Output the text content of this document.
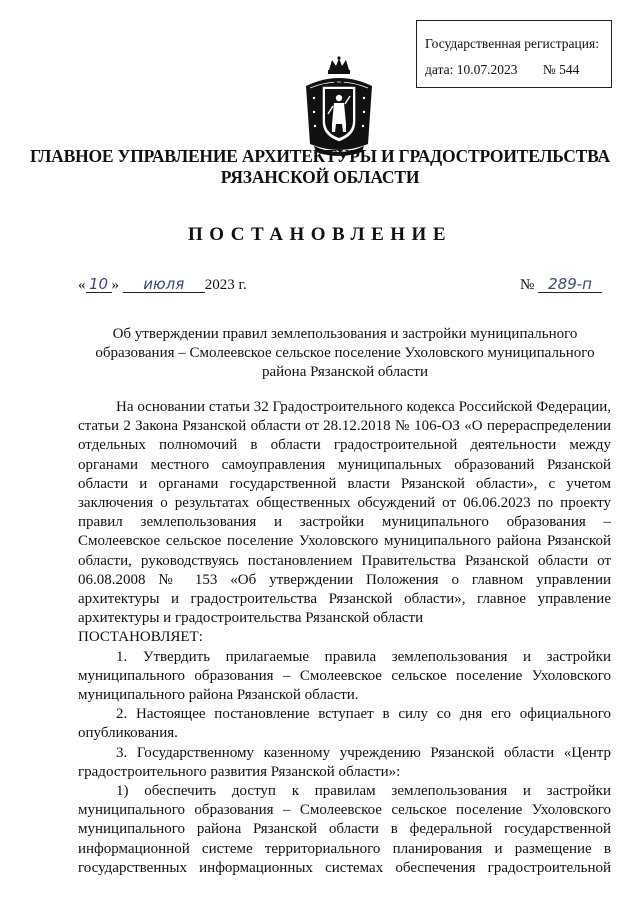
Государственная регистрация:
дата: 10.07.2023 № 544
ГЛАВНОЕ УПРАВЛЕНИЕ АРХИТЕКТУРЫ И ГРАДОСТРОИТЕЛЬСТВА
РЯЗАНСКОЙ ОБЛАСТИ
ПОСТАНОВЛЕНИЕ
« 10 » июля 2023 г.	№ 289-п
Об утверждении правил землепользования и застройки муниципального
образования – Смолеевское сельское поселение Ухоловского муниципального
района Рязанской области

На основании статьи 32 Градостроительного кодекса Российской Федерации, статьи 2 Закона Рязанской области от 28.12.2018 № 106-ОЗ «О перераспределении отдельных полномочий в области градостроительной деятельности между органами местного самоуправления муниципальных образований Рязанской области и органами государственной власти Рязанской области», с учетом заключения о результатах общественных обсуждений от 06.06.2023 по проекту правил землепользования и застройки муниципального образования – Смолеевское сельское поселение Ухоловского муниципального района Рязанской области, руководствуясь постановлением Правительства Рязанской области от 06.08.2008 № 153 «Об утверждении Положения о главном управлении архитектуры и градостроительства Рязанской области», главное управление архитектуры и градостроительства Рязанской области

ПОСТАНОВЛЯЕТ:

1. Утвердить прилагаемые правила землепользования и застройки муниципального образования – Смолеевское сельское поселение Ухоловского муниципального района Рязанской области.

2. Настоящее постановление вступает в силу со дня его официального опубликования.

3. Государственному казенному учреждению Рязанской области «Центр градостроительного развития Рязанской области»:

1) обеспечить доступ к правилам землепользования и застройки муниципального образования – Смолеевское сельское поселение Ухоловского муниципального района Рязанской области в федеральной государственной информационной системе территориального планирования и размещение в государственных информационных системах обеспечения градостроительной
